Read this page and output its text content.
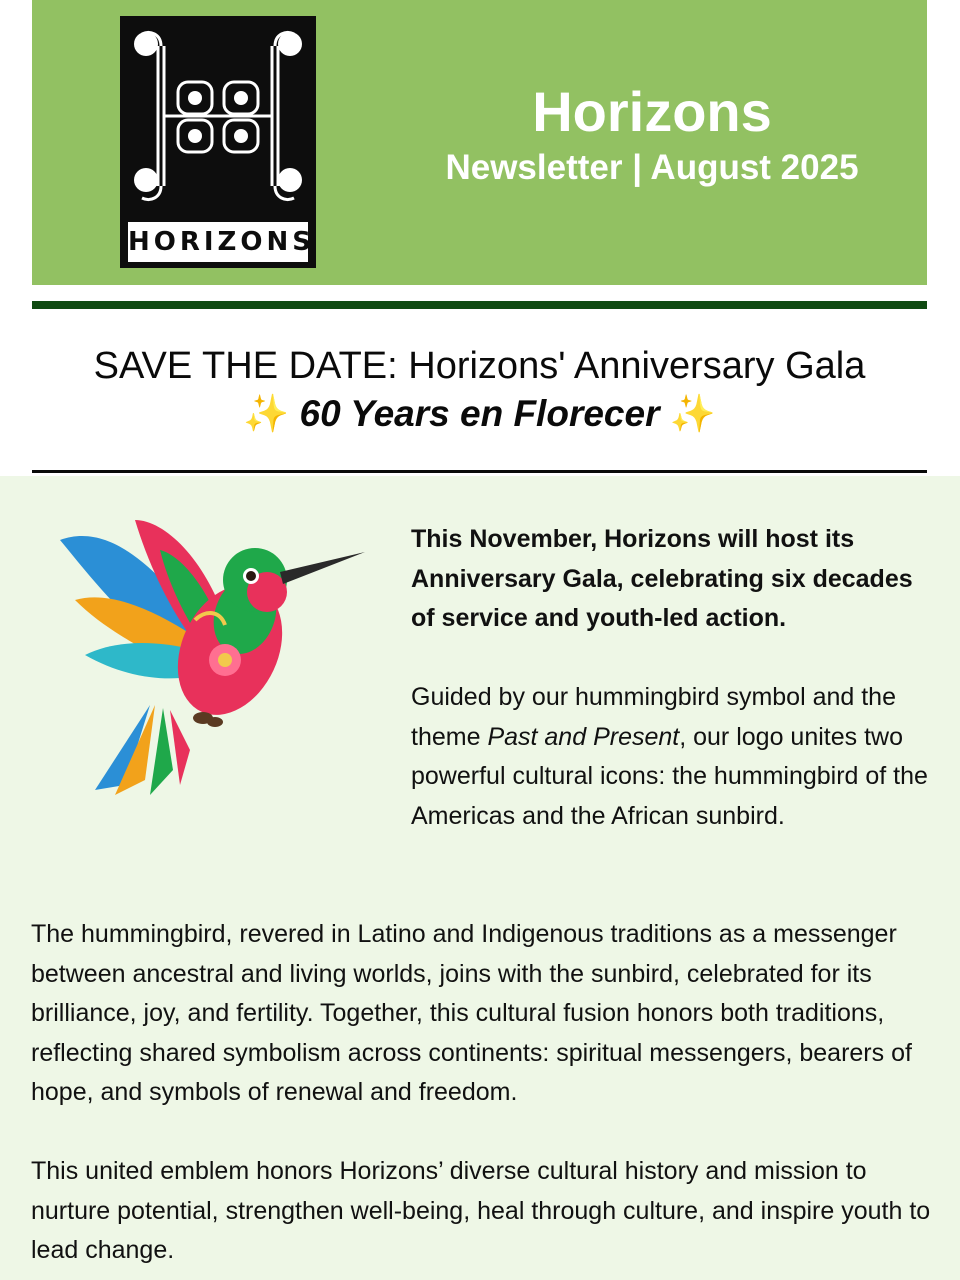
HORIZONS
Horizons
Newsletter | August 2025
SAVE THE DATE: Horizons' Anniversary Gala
✨ 60 Years en Florecer ✨
This November, Horizons will host its Anniversary Gala, celebrating six decades of service and youth-led action.
Guided by our hummingbird symbol and the theme Past and Present, our logo unites two powerful cultural icons: the hummingbird of the Americas and the African sunbird.
The hummingbird, revered in Latino and Indigenous traditions as a messenger between ancestral and living worlds, joins with the sunbird, celebrated for its brilliance, joy, and fertility. Together, this cultural fusion honors both traditions, reflecting shared symbolism across continents: spiritual messengers, bearers of hope, and symbols of renewal and freedom.
This united emblem honors Horizons’ diverse cultural history and mission to nurture potential, strengthen well-being, heal through culture, and inspire youth to lead change.
